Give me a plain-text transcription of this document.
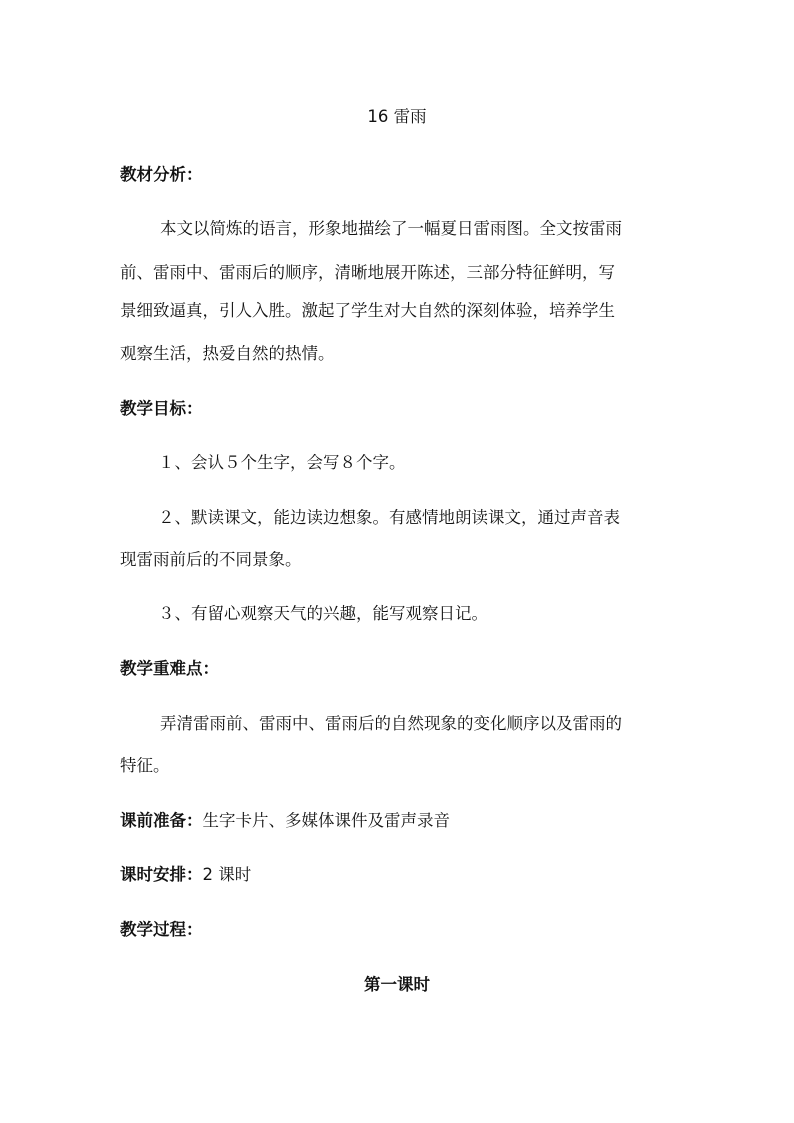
16 雷雨
教材分析：
本文以简炼的语言，形象地描绘了一幅夏日雷雨图。全文按雷雨
前、雷雨中、雷雨后的顺序，清晰地展开陈述，三部分特征鲜明，写
景细致逼真，引人入胜。激起了学生对大自然的深刻体验，培养学生
观察生活，热爱自然的热情。
教学目标：
１、会认５个生字，会写８个字。
２、默读课文，能边读边想象。有感情地朗读课文，通过声音表
现雷雨前后的不同景象。
３、有留心观察天气的兴趣，能写观察日记。
教学重难点：
弄清雷雨前、雷雨中、雷雨后的自然现象的变化顺序以及雷雨的
特征。
课前准备：生字卡片、多媒体课件及雷声录音
课时安排：2 课时
教学过程：
第一课时
